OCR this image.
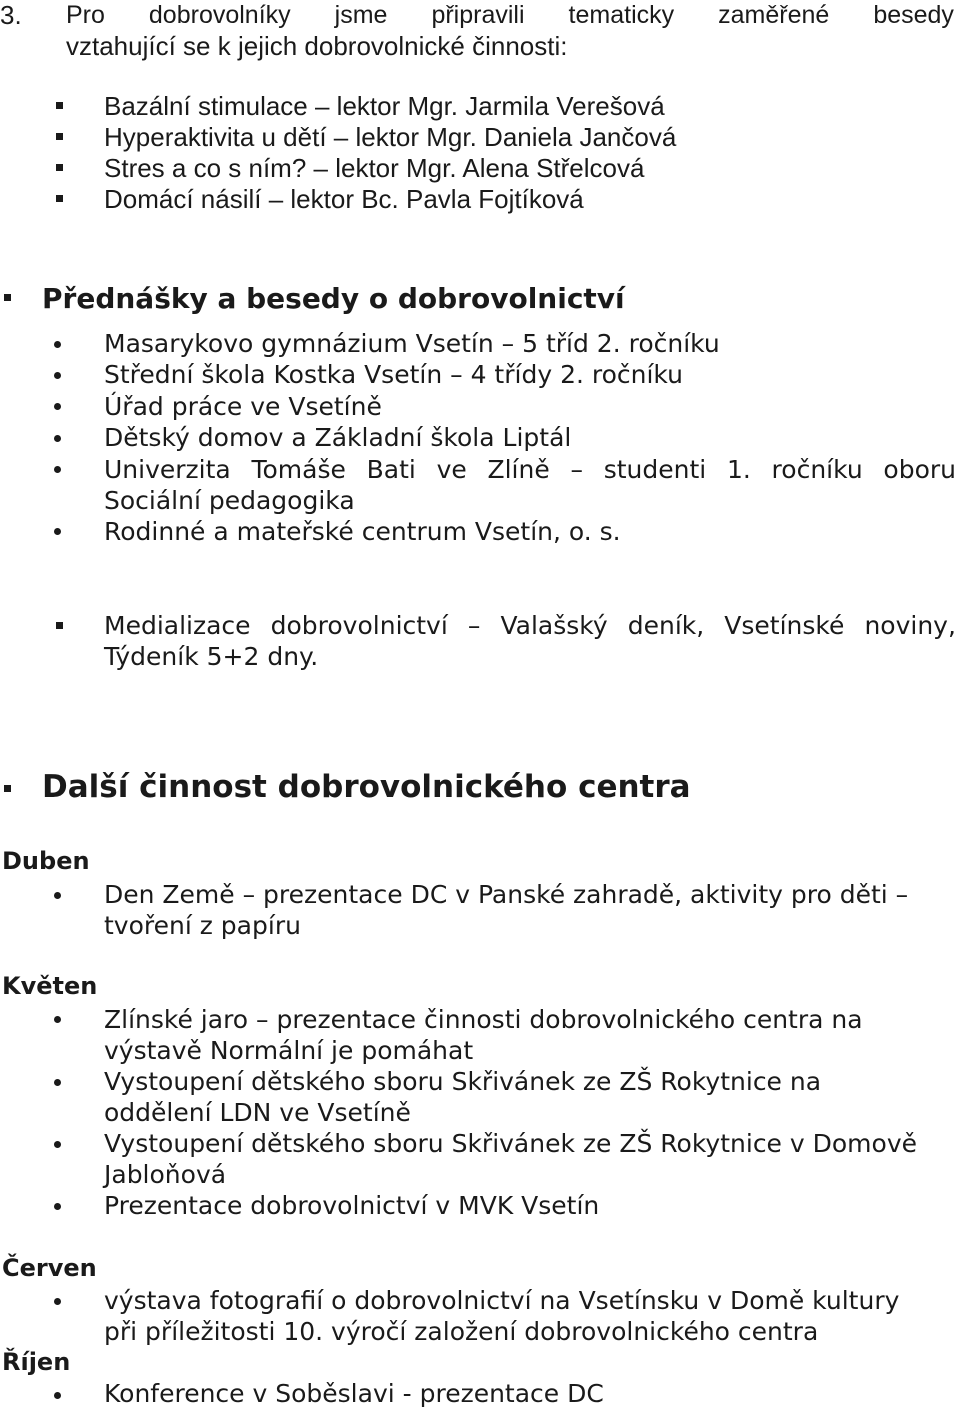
3. Pro dobrovolníky jsme připravili tematicky zaměřené besedy
vztahující se k jejich dobrovolnické činnosti:
Bazální stimulace – lektor Mgr. Jarmila Verešová
Hyperaktivita u dětí – lektor Mgr. Daniela Jančová
Stres a co s ním? – lektor Mgr. Alena Střelcová
Domácí násilí – lektor Bc. Pavla Fojtíková
Přednášky a besedy o dobrovolnictví
Masarykovo gymnázium Vsetín – 5 tříd 2. ročníku
Střední škola Kostka Vsetín – 4 třídy 2. ročníku
Úřad práce ve Vsetíně
Dětský domov a Základní škola Liptál
Univerzita Tomáše Bati ve Zlíně – studenti 1. ročníku oboru
Sociální pedagogika
Rodinné a mateřské centrum Vsetín, o. s.
Medializace dobrovolnictví – Valašský deník, Vsetínské noviny,
Týdeník 5+2 dny.
Další činnost dobrovolnického centra
Duben
Den Země – prezentace DC v Panské zahradě, aktivity pro děti –
tvoření z papíru
Květen
Zlínské jaro – prezentace činnosti dobrovolnického centra na
výstavě Normální je pomáhat
Vystoupení dětského sboru Skřivánek ze ZŠ Rokytnice na
oddělení LDN ve Vsetíně
Vystoupení dětského sboru Skřivánek ze ZŠ Rokytnice v Domově
Jabloňová
Prezentace dobrovolnictví v MVK Vsetín
Červen
výstava fotografií o dobrovolnictví na Vsetínsku v Domě kultury
při příležitosti 10. výročí založení dobrovolnického centra
Říjen
Konference v Soběslavi - prezentace DC
